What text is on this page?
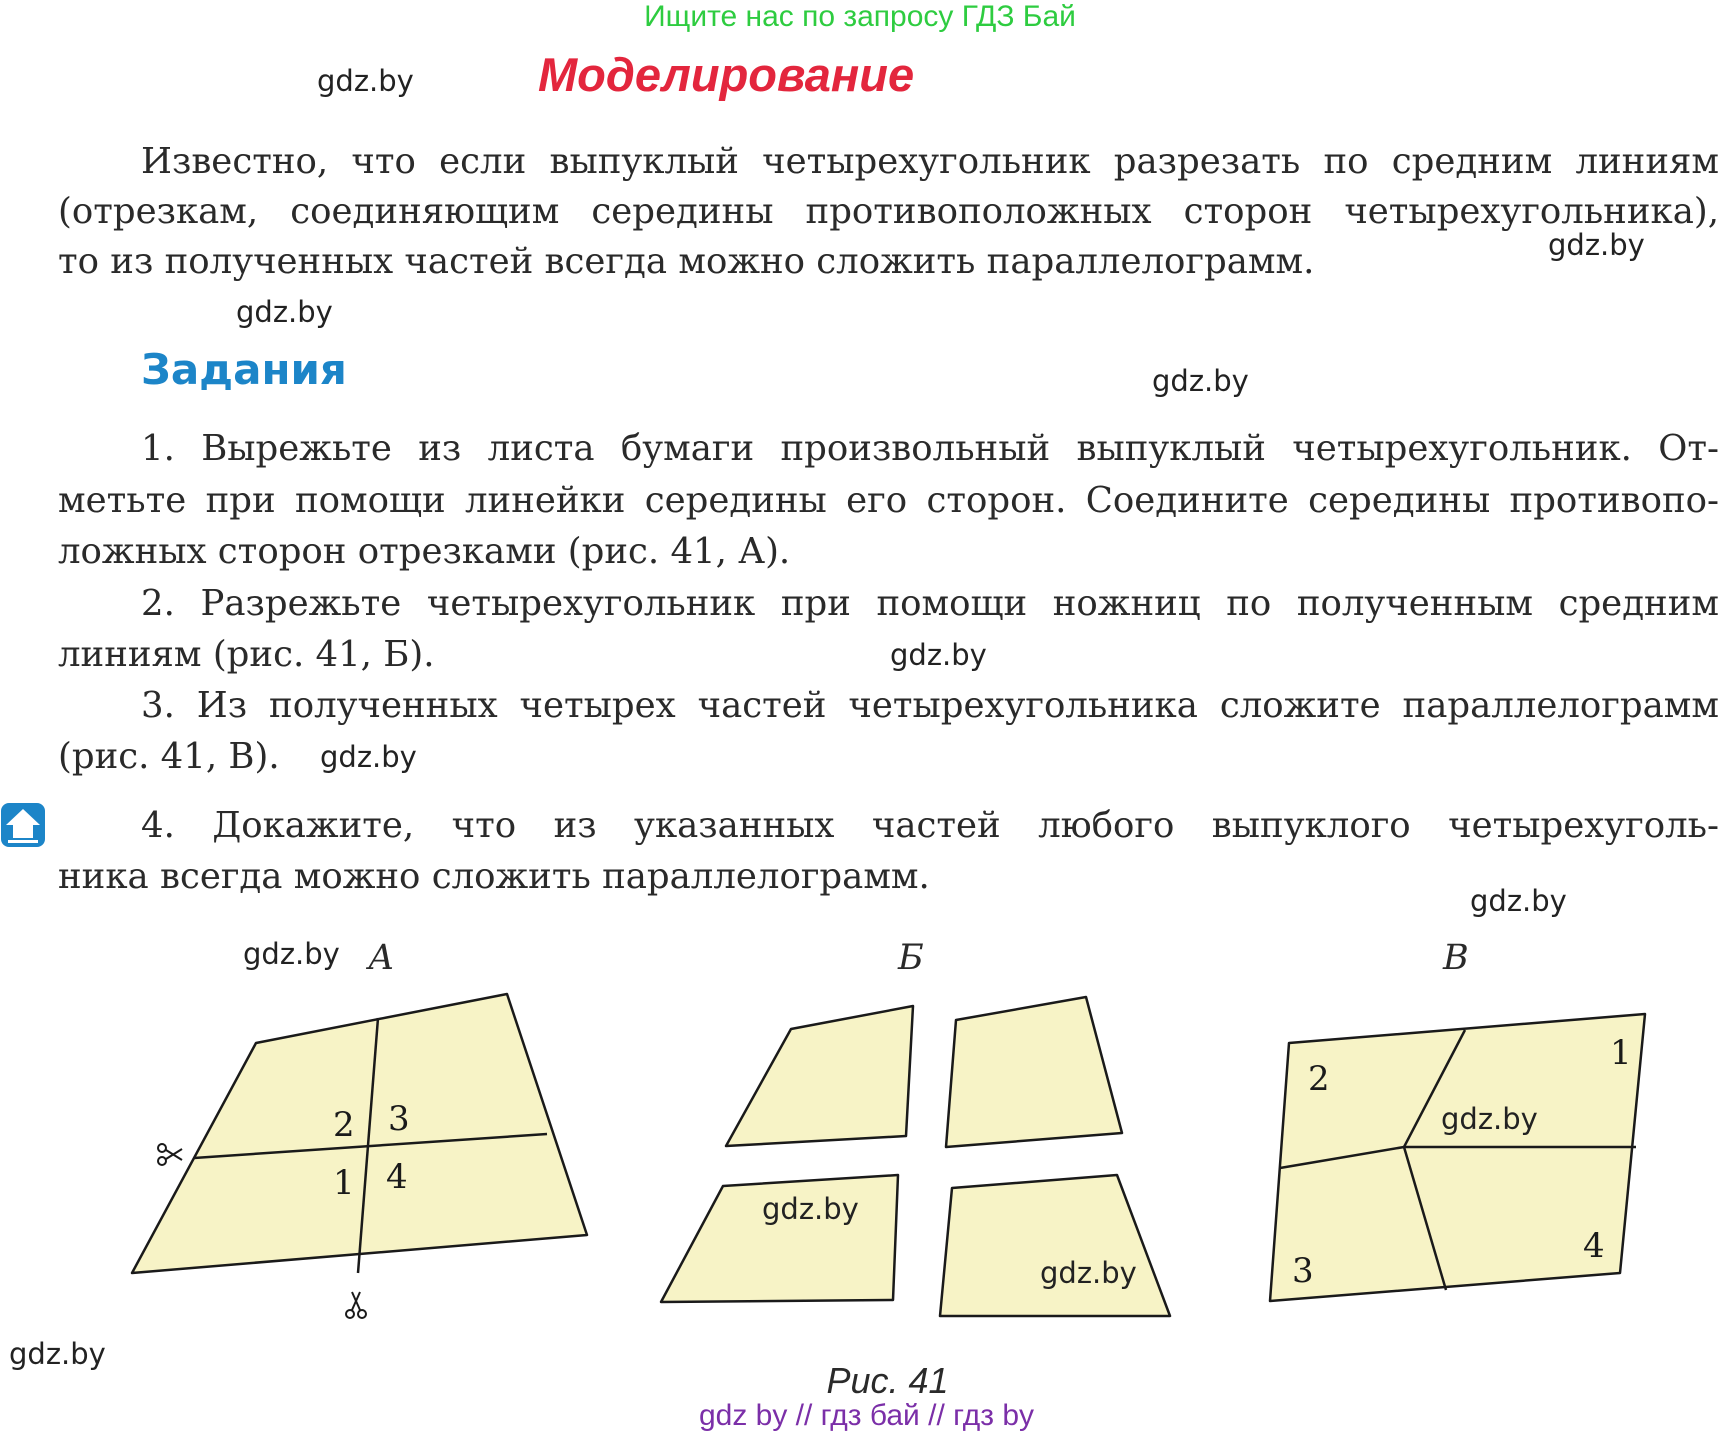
Ищите нас по запросу ГДЗ Бай
gdz.by	Моделирование
Известно, что если выпуклый четырехугольник разрезать по средним линиям
(отрезкам, соединяющим середины противоположных сторон четырехугольника),
то из полученных частей всегда можно сложить параллелограмм.	gdz.by
gdz.by
Задания	gdz.by
1. Вырежьте из листа бумаги произвольный выпуклый четырехугольник. От-
метьте при помощи линейки середины его сторон. Соедините середины противопо-
ложных сторон отрезками (рис. 41, А).
2. Разрежьте четырехугольник при помощи ножниц по полученным средним
линиям (рис. 41, Б).	gdz.by
3. Из полученных четырех частей четырехугольника сложите параллелограмм
(рис. 41, В).	gdz.by
4. Докажите, что из указанных частей любого выпуклого четырехуголь-
ника всегда можно сложить параллелограмм.
gdz.by
gdz.by А	Б	В
2 3
1 4
2
1
3
4
gdz.by
gdz.by
gdz.by
gdz.by
Рис. 41
gdz by // гдз бай // гдз by
